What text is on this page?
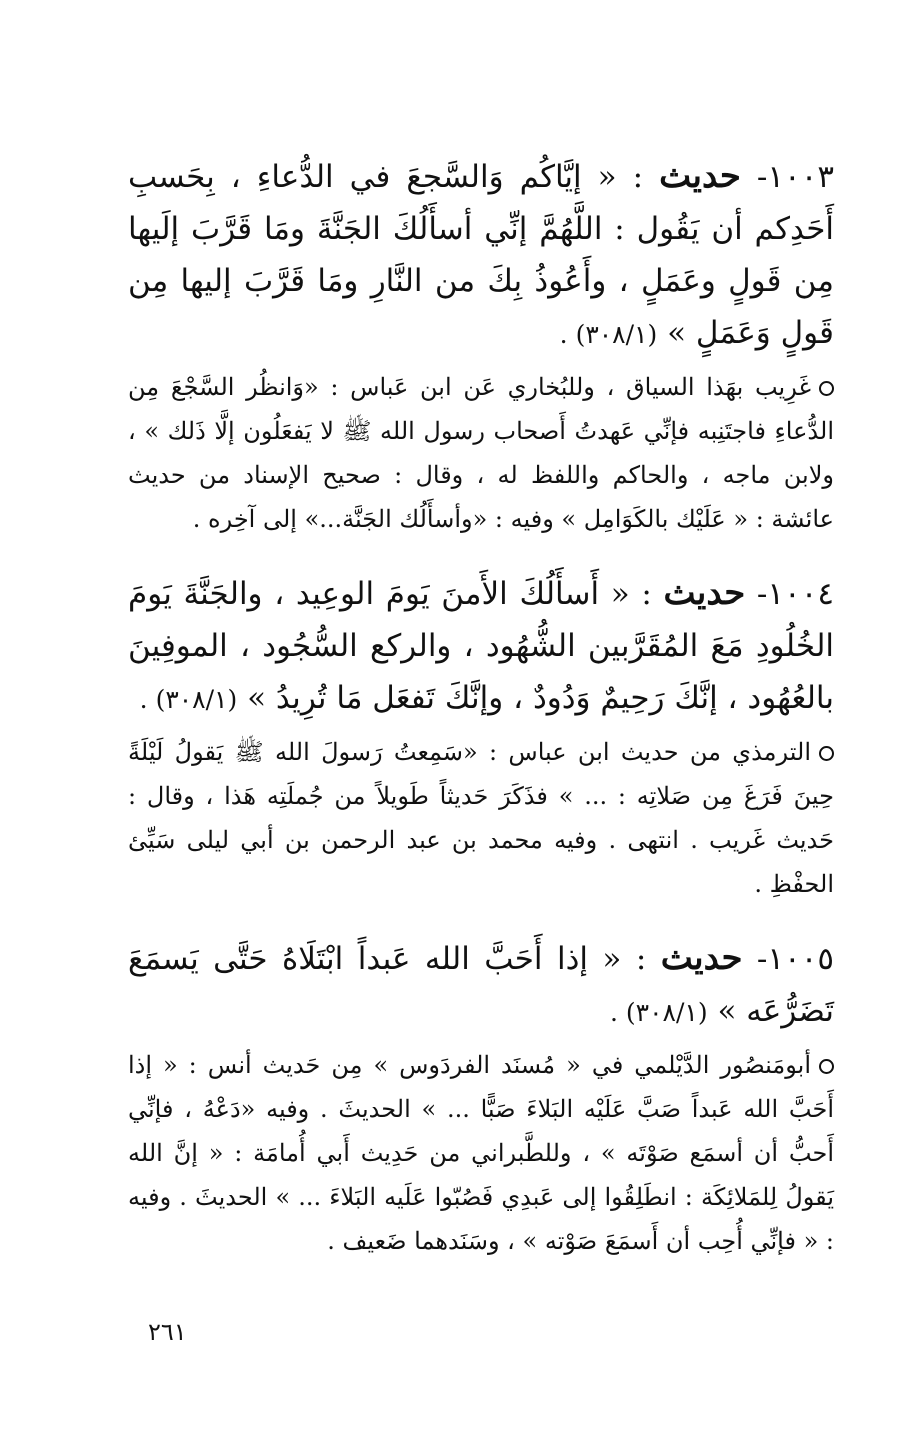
١٠٠٣- حديث : « إيَّاكُم وَالسَّجعَ في الدُّعاءِ ، بِحَسبِ أَحَدِكم أن يَقُول : اللَّهُمَّ إنِّي أسأَلُكَ الجَنَّةَ ومَا قَرَّبَ إلَيها مِن قَولٍ وعَمَلٍ ، وأَعُوذُ بِكَ من النَّارِ ومَا قَرَّبَ إليها مِن قَولٍ وَعَمَلٍ » (٣٠٨/١) .
غَرِيب بهَذا السياق ، وللبُخاري عَن ابن عَباس : «وَانظُر السَّجْعَ مِن الدُّعاءِ فاجتَنِبه فإنِّي عَهدتُ أَصحاب رسول الله ﷺ لا يَفعَلُون إلَّا ذَلك » ، ولابن ماجه ، والحاكم واللفظ له ، وقال : صحيح الإسناد من حديث عائشة : « عَلَيْك بالكَوَامِل » وفيه : «وأسأَلُك الجَنَّة...» إلى آخِره .
١٠٠٤- حديث : « أَسأَلُكَ الأَمنَ يَومَ الوعِيد ، والجَنَّةَ يَومَ الخُلُودِ مَعَ المُقَرَّبين الشُّهُود ، والركع السُّجُود ، الموفِينَ بالعُهُود ، إنَّكَ رَحِيمٌ وَدُودٌ ، وإنَّكَ تَفعَل مَا تُرِيدُ » (٣٠٨/١) .
الترمذي من حديث ابن عباس : «سَمِعتُ رَسولَ الله ﷺ يَقولُ لَيْلَةً حِينَ فَرَغَ مِن صَلاتِه : ... » فذَكَرَ حَديثاً طَويلاً من جُملَتِه هَذا ، وقال : حَديث غَريب . انتهى . وفيه محمد بن عبد الرحمن بن أبي ليلى سَيِّئ الحفْظِ .
١٠٠٥- حديث : « إذا أَحَبَّ الله عَبداً ابْتَلَاهُ حَتَّى يَسمَعَ تَضَرُّعَه » (٣٠٨/١) .
أبومَنصُور الدَّيْلمي في « مُسنَد الفردَوس » مِن حَديث أنس : « إذا أَحَبَّ الله عَبداً صَبَّ عَلَيْه البَلاءَ صَبًّا ... » الحديثَ . وفيه «دَعْهُ ، فإنِّي أَحبُّ أن أسمَع صَوْتَه » ، وللطَّبراني من حَدِيث أَبي أُمامَة : « إنَّ الله يَقولُ لِلمَلائِكَة : انطَلِقُوا إلى عَبدِي فَصُبّوا عَلَيه البَلاءَ ... » الحديثَ . وفيه : « فإنِّي أُحِب أن أَسمَعَ صَوْته » ، وسَنَدهما ضَعيف .
٢٦١
